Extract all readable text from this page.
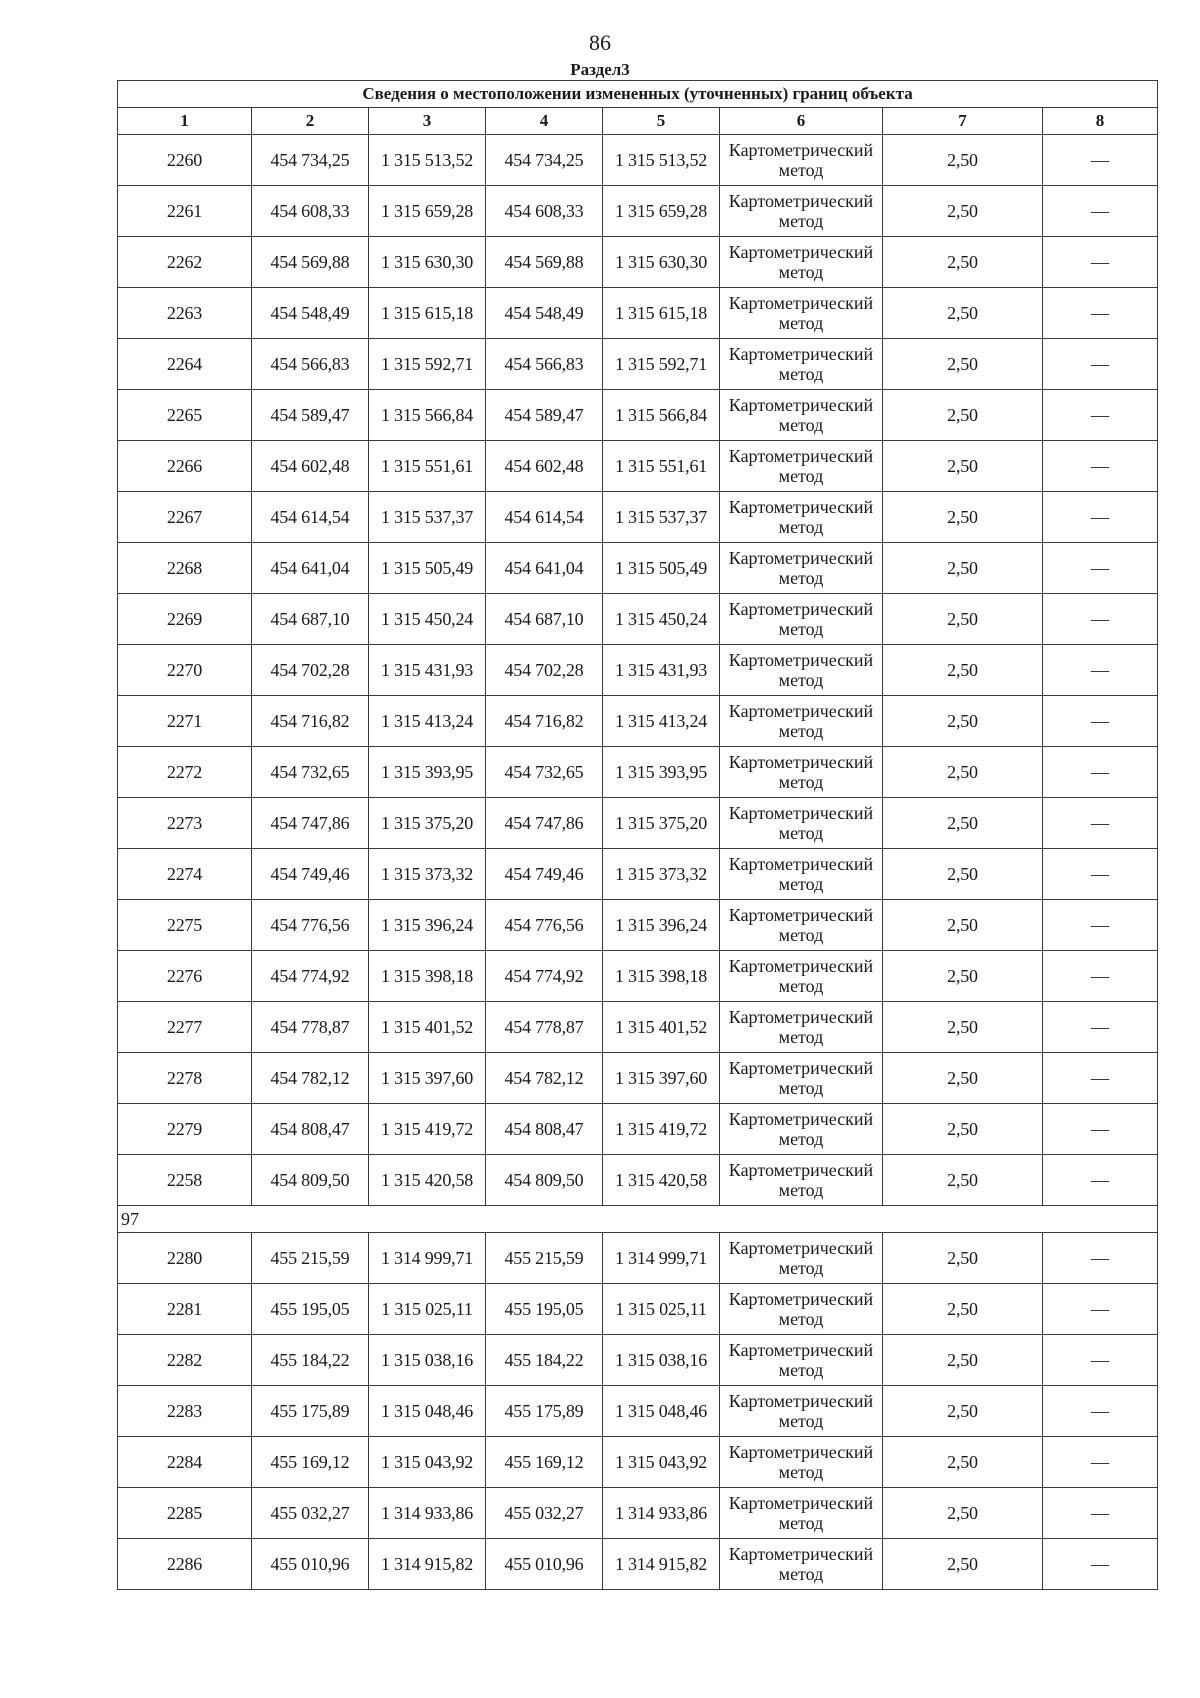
86
Раздел3
Сведения о местоположении измененных (уточненных) границ объекта							
1	2	3	4	5	6	7	8
2260	454 734,25	1 315 513,52	454 734,25	1 315 513,52	Картометрический метод	2,50	—
2261	454 608,33	1 315 659,28	454 608,33	1 315 659,28	Картометрический метод	2,50	—
2262	454 569,88	1 315 630,30	454 569,88	1 315 630,30	Картометрический метод	2,50	—
2263	454 548,49	1 315 615,18	454 548,49	1 315 615,18	Картометрический метод	2,50	—
2264	454 566,83	1 315 592,71	454 566,83	1 315 592,71	Картометрический метод	2,50	—
2265	454 589,47	1 315 566,84	454 589,47	1 315 566,84	Картометрический метод	2,50	—
2266	454 602,48	1 315 551,61	454 602,48	1 315 551,61	Картометрический метод	2,50	—
2267	454 614,54	1 315 537,37	454 614,54	1 315 537,37	Картометрический метод	2,50	—
2268	454 641,04	1 315 505,49	454 641,04	1 315 505,49	Картометрический метод	2,50	—
2269	454 687,10	1 315 450,24	454 687,10	1 315 450,24	Картометрический метод	2,50	—
2270	454 702,28	1 315 431,93	454 702,28	1 315 431,93	Картометрический метод	2,50	—
2271	454 716,82	1 315 413,24	454 716,82	1 315 413,24	Картометрический метод	2,50	—
2272	454 732,65	1 315 393,95	454 732,65	1 315 393,95	Картометрический метод	2,50	—
2273	454 747,86	1 315 375,20	454 747,86	1 315 375,20	Картометрический метод	2,50	—
2274	454 749,46	1 315 373,32	454 749,46	1 315 373,32	Картометрический метод	2,50	—
2275	454 776,56	1 315 396,24	454 776,56	1 315 396,24	Картометрический метод	2,50	—
2276	454 774,92	1 315 398,18	454 774,92	1 315 398,18	Картометрический метод	2,50	—
2277	454 778,87	1 315 401,52	454 778,87	1 315 401,52	Картометрический метод	2,50	—
2278	454 782,12	1 315 397,60	454 782,12	1 315 397,60	Картометрический метод	2,50	—
2279	454 808,47	1 315 419,72	454 808,47	1 315 419,72	Картометрический метод	2,50	—
2258	454 809,50	1 315 420,58	454 809,50	1 315 420,58	Картометрический метод	2,50	—
97							
2280	455 215,59	1 314 999,71	455 215,59	1 314 999,71	Картометрический метод	2,50	—
2281	455 195,05	1 315 025,11	455 195,05	1 315 025,11	Картометрический метод	2,50	—
2282	455 184,22	1 315 038,16	455 184,22	1 315 038,16	Картометрический метод	2,50	—
2283	455 175,89	1 315 048,46	455 175,89	1 315 048,46	Картометрический метод	2,50	—
2284	455 169,12	1 315 043,92	455 169,12	1 315 043,92	Картометрический метод	2,50	—
2285	455 032,27	1 314 933,86	455 032,27	1 314 933,86	Картометрический метод	2,50	—
2286	455 010,96	1 314 915,82	455 010,96	1 314 915,82	Картометрический метод	2,50	—
